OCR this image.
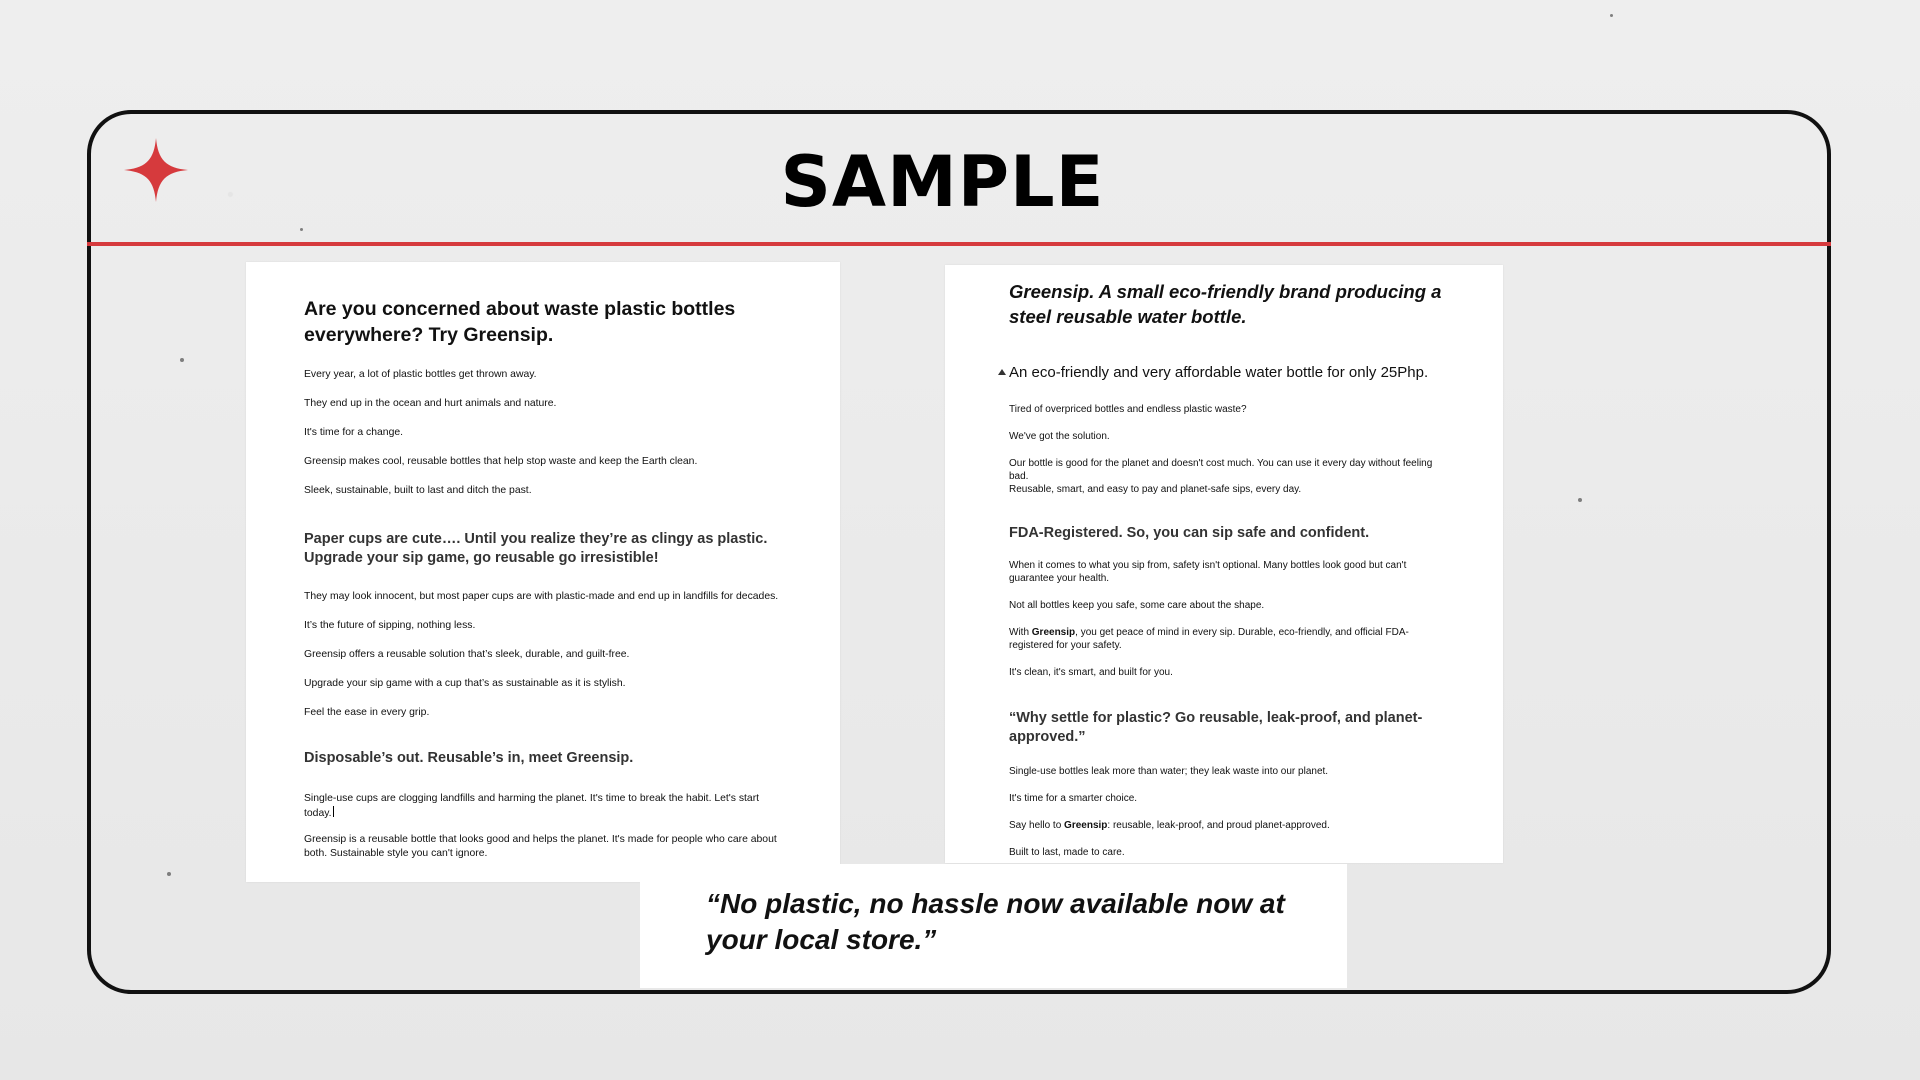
SAMPLE
Are you concerned about waste plastic bottles everywhere? Try Greensip.

Every year, a lot of plastic bottles get thrown away.

They end up in the ocean and hurt animals and nature.

It's time for a change.

Greensip makes cool, reusable bottles that help stop waste and keep the Earth clean.

Sleek, sustainable, built to last and ditch the past.

Paper cups are cute…. Until you realize they’re as clingy as plastic. Upgrade your sip game, go reusable go irresistible!

They may look innocent, but most paper cups are with plastic-made and end up in landfills for decades.

It’s the future of sipping, nothing less.

Greensip offers a reusable solution that’s sleek, durable, and guilt-free.

Upgrade your sip game with a cup that’s as sustainable as it is stylish.

Feel the ease in every grip.

Disposable’s out. Reusable’s in, meet Greensip.

Single-use cups are clogging landfills and harming the planet. It's time to break the habit. Let's start today.

Greensip is a reusable bottle that looks good and helps the planet. It's made for people who care about both. Sustainable style you can't ignore.

Greensip. A small eco-friendly brand producing a steel reusable water bottle.

An eco-friendly and very affordable water bottle for only 25Php.

Tired of overpriced bottles and endless plastic waste?

We've got the solution.

Our bottle is good for the planet and doesn't cost much. You can use it every day without feeling bad.

Reusable, smart, and easy to pay and planet-safe sips, every day.

FDA-Registered. So, you can sip safe and confident.

When it comes to what you sip from, safety isn't optional. Many bottles look good but can't guarantee your health.

Not all bottles keep you safe, some care about the shape.

With Greensip, you get peace of mind in every sip. Durable, eco-friendly, and official FDA-registered for your safety.

It's clean, it's smart, and built for you.

“Why settle for plastic? Go reusable, leak-proof, and planet-approved.”

Single-use bottles leak more than water; they leak waste into our planet.

It's time for a smarter choice.

Say hello to Greensip: reusable, leak-proof, and proud planet-approved.

Built to last, made to care.

“No plastic, no hassle now available now at your local store.”
